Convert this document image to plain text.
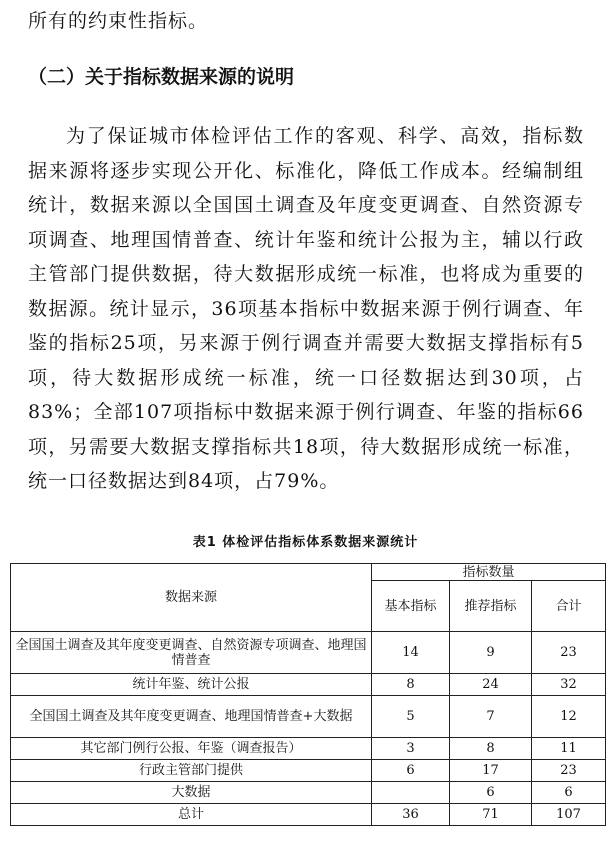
所有的约束性指标。
（二）关于指标数据来源的说明
为了保证城市体检评估工作的客观、科学、高效，指标数据来源将逐步实现公开化、标准化，降低工作成本。经编制组统计，数据来源以全国国土调查及年度变更调查、自然资源专项调查、地理国情普查、统计年鉴和统计公报为主，辅以行政主管部门提供数据，待大数据形成统一标准，也将成为重要的数据源。统计显示，36项基本指标中数据来源于例行调查、年鉴的指标25项，另来源于例行调查并需要大数据支撑指标有5项，待大数据形成统一标准，统一口径数据达到30项，占83%；全部107项指标中数据来源于例行调查、年鉴的指标66项，另需要大数据支撑指标共18项，待大数据形成统一标准，统一口径数据达到84项，占79%。
表1 体检评估指标体系数据来源统计
数据来源	指标数量		
	基本指标	推荐指标	合计
全国国土调查及其年度变更调查、自然资源专项调查、地理国情普查	14	9	23
统计年鉴、统计公报	8	24	32
全国国土调查及其年度变更调查、地理国情普查+大数据	5	7	12
其它部门例行公报、年鉴（调查报告）	3	8	11
行政主管部门提供	6	17	23
大数据		6	6
总计	36	71	107
